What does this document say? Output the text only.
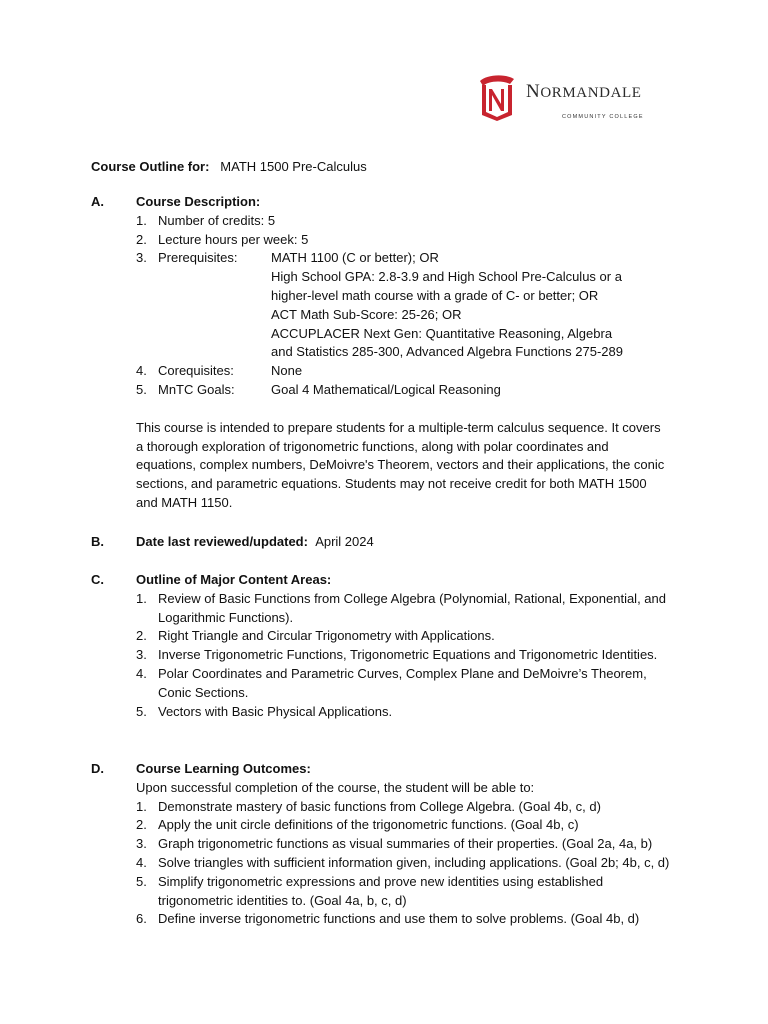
NORMANDALE
COMMUNITY COLLEGE
Course Outline for: MATH 1500 Pre-Calculus
A. Course Description:
1. Number of credits: 5
2. Lecture hours per week: 5
3. Prerequisites:	MATH 1100 (C or better); OR
High School GPA: 2.8-3.9 and High School Pre-Calculus or a
higher-level math course with a grade of C- or better; OR
ACT Math Sub-Score: 25-26; OR
ACCUPLACER Next Gen: Quantitative Reasoning, Algebra
and Statistics 285-300, Advanced Algebra Functions 275-289
4. Corequisites:	None
5. MnTC Goals:	Goal 4 Mathematical/Logical Reasoning
This course is intended to prepare students for a multiple-term calculus sequence. It covers a thorough exploration of trigonometric functions, along with polar coordinates and equations, complex numbers, DeMoivre's Theorem, vectors and their applications, the conic sections, and parametric equations. Students may not receive credit for both MATH 1500 and MATH 1150.
B. Date last reviewed/updated: April 2024
C. Outline of Major Content Areas:
1. Review of Basic Functions from College Algebra (Polynomial, Rational, Exponential, and Logarithmic Functions).
2. Right Triangle and Circular Trigonometry with Applications.
3. Inverse Trigonometric Functions, Trigonometric Equations and Trigonometric Identities.
4. Polar Coordinates and Parametric Curves, Complex Plane and DeMoivre’s Theorem, Conic Sections.
5. Vectors with Basic Physical Applications.
D. Course Learning Outcomes:
Upon successful completion of the course, the student will be able to:
1. Demonstrate mastery of basic functions from College Algebra. (Goal 4b, c, d)
2. Apply the unit circle definitions of the trigonometric functions. (Goal 4b, c)
3. Graph trigonometric functions as visual summaries of their properties. (Goal 2a, 4a, b)
4. Solve triangles with sufficient information given, including applications. (Goal 2b; 4b, c, d)
5. Simplify trigonometric expressions and prove new identities using established trigonometric identities to. (Goal 4a, b, c, d)
6. Define inverse trigonometric functions and use them to solve problems. (Goal 4b, d)
